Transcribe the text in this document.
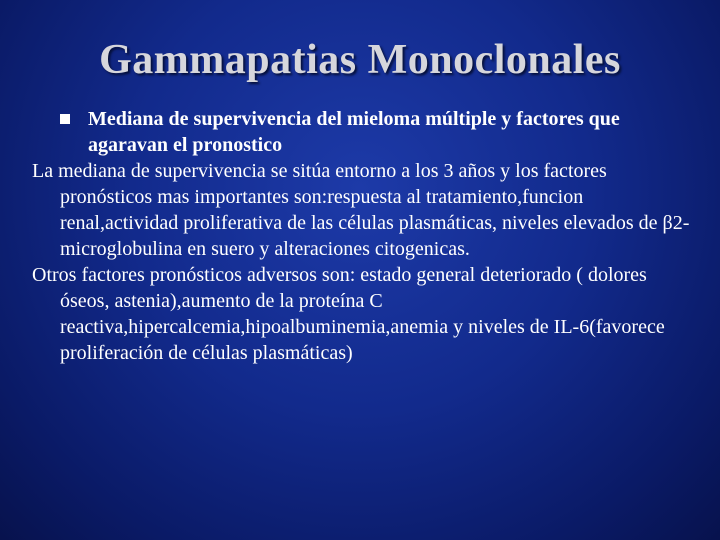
Gammapatias Monoclonales
Mediana de supervivencia del mieloma múltiple y factores que agaravan el pronostico
La mediana de supervivencia se sitúa entorno a los 3 años y los factores pronósticos mas importantes son:respuesta al tratamiento,funcion renal,actividad proliferativa de las células plasmáticas, niveles elevados de β2-microglobulina en suero y alteraciones citogenicas.
Otros factores pronósticos adversos son: estado general deteriorado ( dolores óseos, astenia),aumento de la proteína C reactiva,hipercalcemia,hipoalbuminemia,anemia y niveles de IL-6(favorece proliferación de células plasmáticas)
